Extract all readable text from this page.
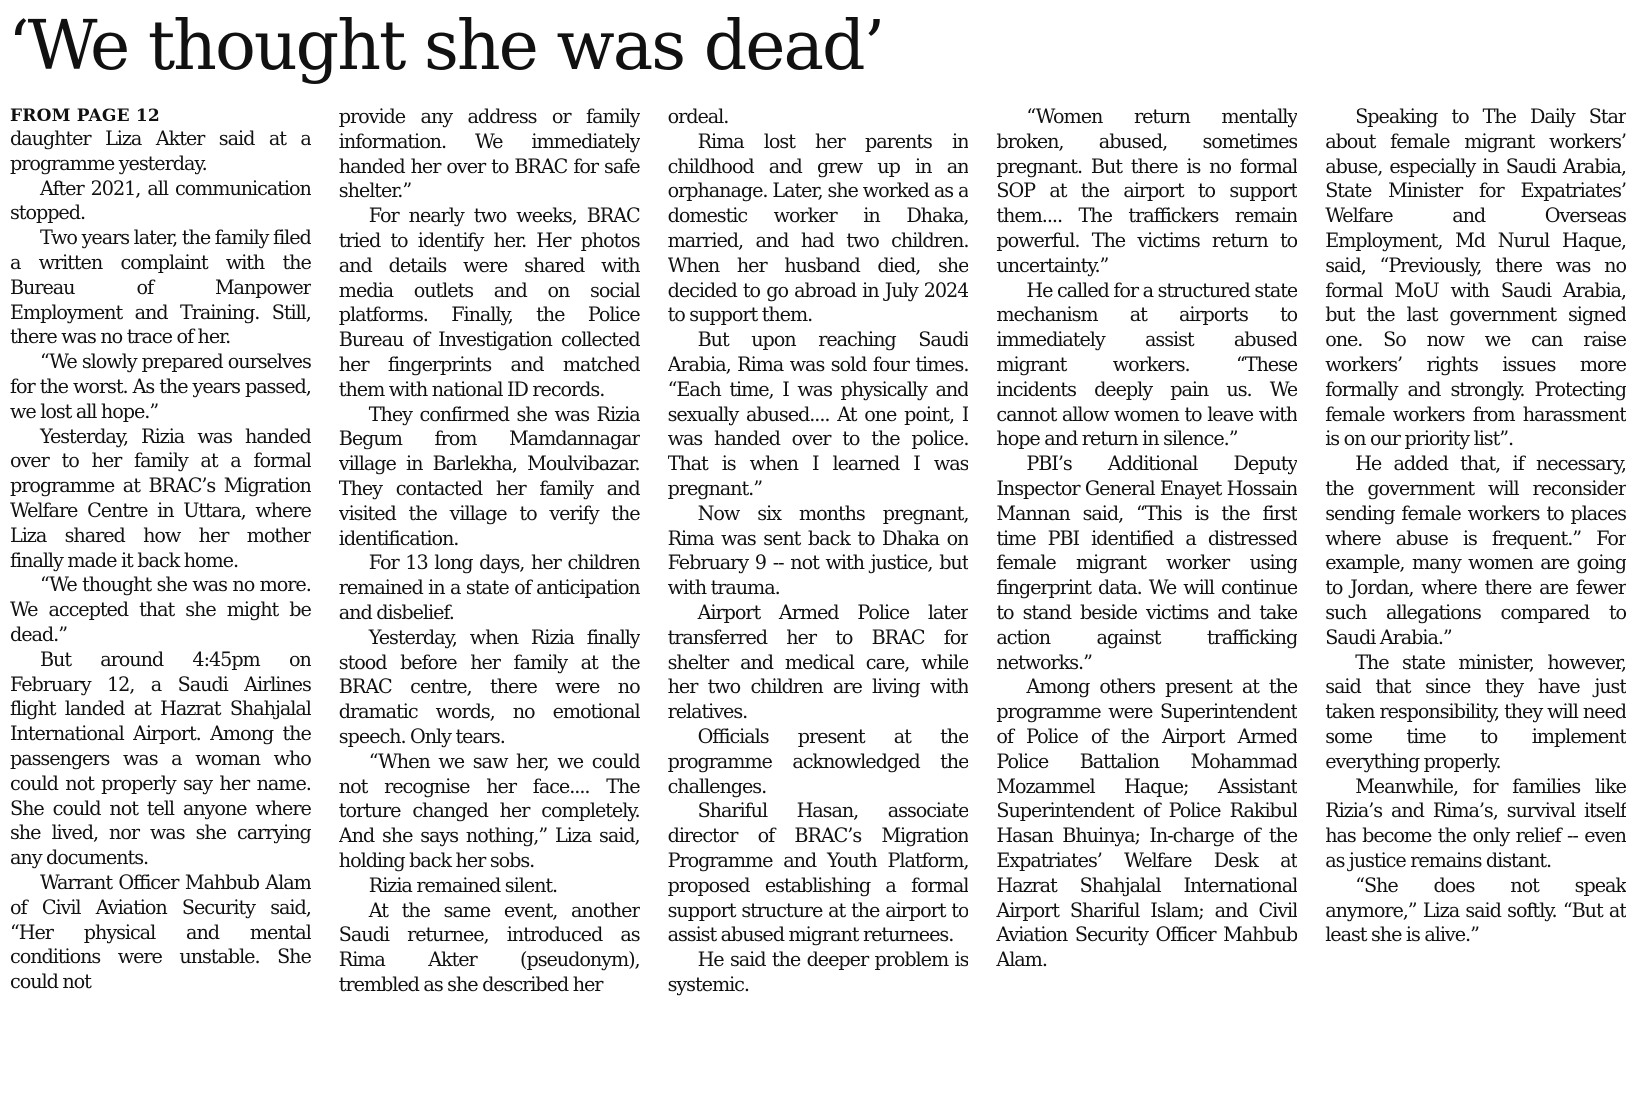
‘We thought she was dead’

FROM PAGE 12

daughter Liza Akter said at a programme yesterday.

After 2021, all communication stopped.

Two years later, the family filed a written complaint with the Bureau of Manpower Employment and Training. Still, there was no trace of her.

“We slowly prepared ourselves for the worst. As the years passed, we lost all hope.”

Yesterday, Rizia was handed over to her family at a formal programme at BRAC’s Migration Welfare Centre in Uttara, where Liza shared how her mother finally made it back home.

“We thought she was no more. We accepted that she might be dead.”

But around 4:45pm on February 12, a Saudi Airlines flight landed at Hazrat Shahjalal International Airport. Among the passengers was a woman who could not properly say her name. She could not tell anyone where she lived, nor was she carrying any documents.

Warrant Officer Mahbub Alam of Civil Aviation Security said, “Her physical and mental conditions were unstable. She could not

provide any address or family information. We immediately handed her over to BRAC for safe shelter.”

For nearly two weeks, BRAC tried to identify her. Her photos and details were shared with media outlets and on social platforms. Finally, the Police Bureau of Investigation collected her fingerprints and matched them with national ID records.

They confirmed she was Rizia Begum from Mamdannagar village in Barlekha, Moulvibazar. They contacted her family and visited the village to verify the identification.

For 13 long days, her children remained in a state of anticipation and disbelief.

Yesterday, when Rizia finally stood before her family at the BRAC centre, there were no dramatic words, no emotional speech. Only tears.

“When we saw her, we could not recognise her face.... The torture changed her completely. And she says nothing,” Liza said, holding back her sobs.

Rizia remained silent.

At the same event, another Saudi returnee, introduced as Rima Akter (pseudonym), trembled as she described her

ordeal.

Rima lost her parents in childhood and grew up in an orphanage. Later, she worked as a domestic worker in Dhaka, married, and had two children. When her husband died, she decided to go abroad in July 2024 to support them.

But upon reaching Saudi Arabia, Rima was sold four times. “Each time, I was physically and sexually abused.... At one point, I was handed over to the police. That is when I learned I was pregnant.”

Now six months pregnant, Rima was sent back to Dhaka on February 9 -- not with justice, but with trauma.

Airport Armed Police later transferred her to BRAC for shelter and medical care, while her two children are living with relatives.

Officials present at the programme acknowledged the challenges.

Shariful Hasan, associate director of BRAC’s Migration Programme and Youth Platform, proposed establishing a formal support structure at the airport to assist abused migrant returnees.

He said the deeper problem is systemic.

“Women return mentally broken, abused, sometimes pregnant. But there is no formal SOP at the airport to support them.... The traffickers remain powerful. The victims return to uncertainty.”

He called for a structured state mechanism at airports to immediately assist abused migrant workers. “These incidents deeply pain us. We cannot allow women to leave with hope and return in silence.”

PBI’s Additional Deputy Inspector General Enayet Hossain Mannan said, “This is the first time PBI identified a distressed female migrant worker using fingerprint data. We will continue to stand beside victims and take action against trafficking networks.”

Among others present at the programme were Superintendent of Police of the Airport Armed Police Battalion Mohammad Mozammel Haque; Assistant Superintendent of Police Rakibul Hasan Bhuinya; In-charge of the Expatriates’ Welfare Desk at Hazrat Shahjalal International Airport Shariful Islam; and Civil Aviation Security Officer Mahbub Alam.

Speaking to The Daily Star about female migrant workers’ abuse, especially in Saudi Arabia, State Minister for Expatriates’ Welfare and Overseas Employment, Md Nurul Haque, said, “Previously, there was no formal MoU with Saudi Arabia, but the last government signed one. So now we can raise workers’ rights issues more formally and strongly. Protecting female workers from harassment is on our priority list”.

He added that, if necessary, the government will reconsider sending female workers to places where abuse is frequent.” For example, many women are going to Jordan, where there are fewer such allegations compared to Saudi Arabia.”

The state minister, however, said that since they have just taken responsibility, they will need some time to implement everything properly.

Meanwhile, for families like Rizia’s and Rima’s, survival itself has become the only relief -- even as justice remains distant.

“She does not speak anymore,” Liza said softly. “But at least she is alive.”
